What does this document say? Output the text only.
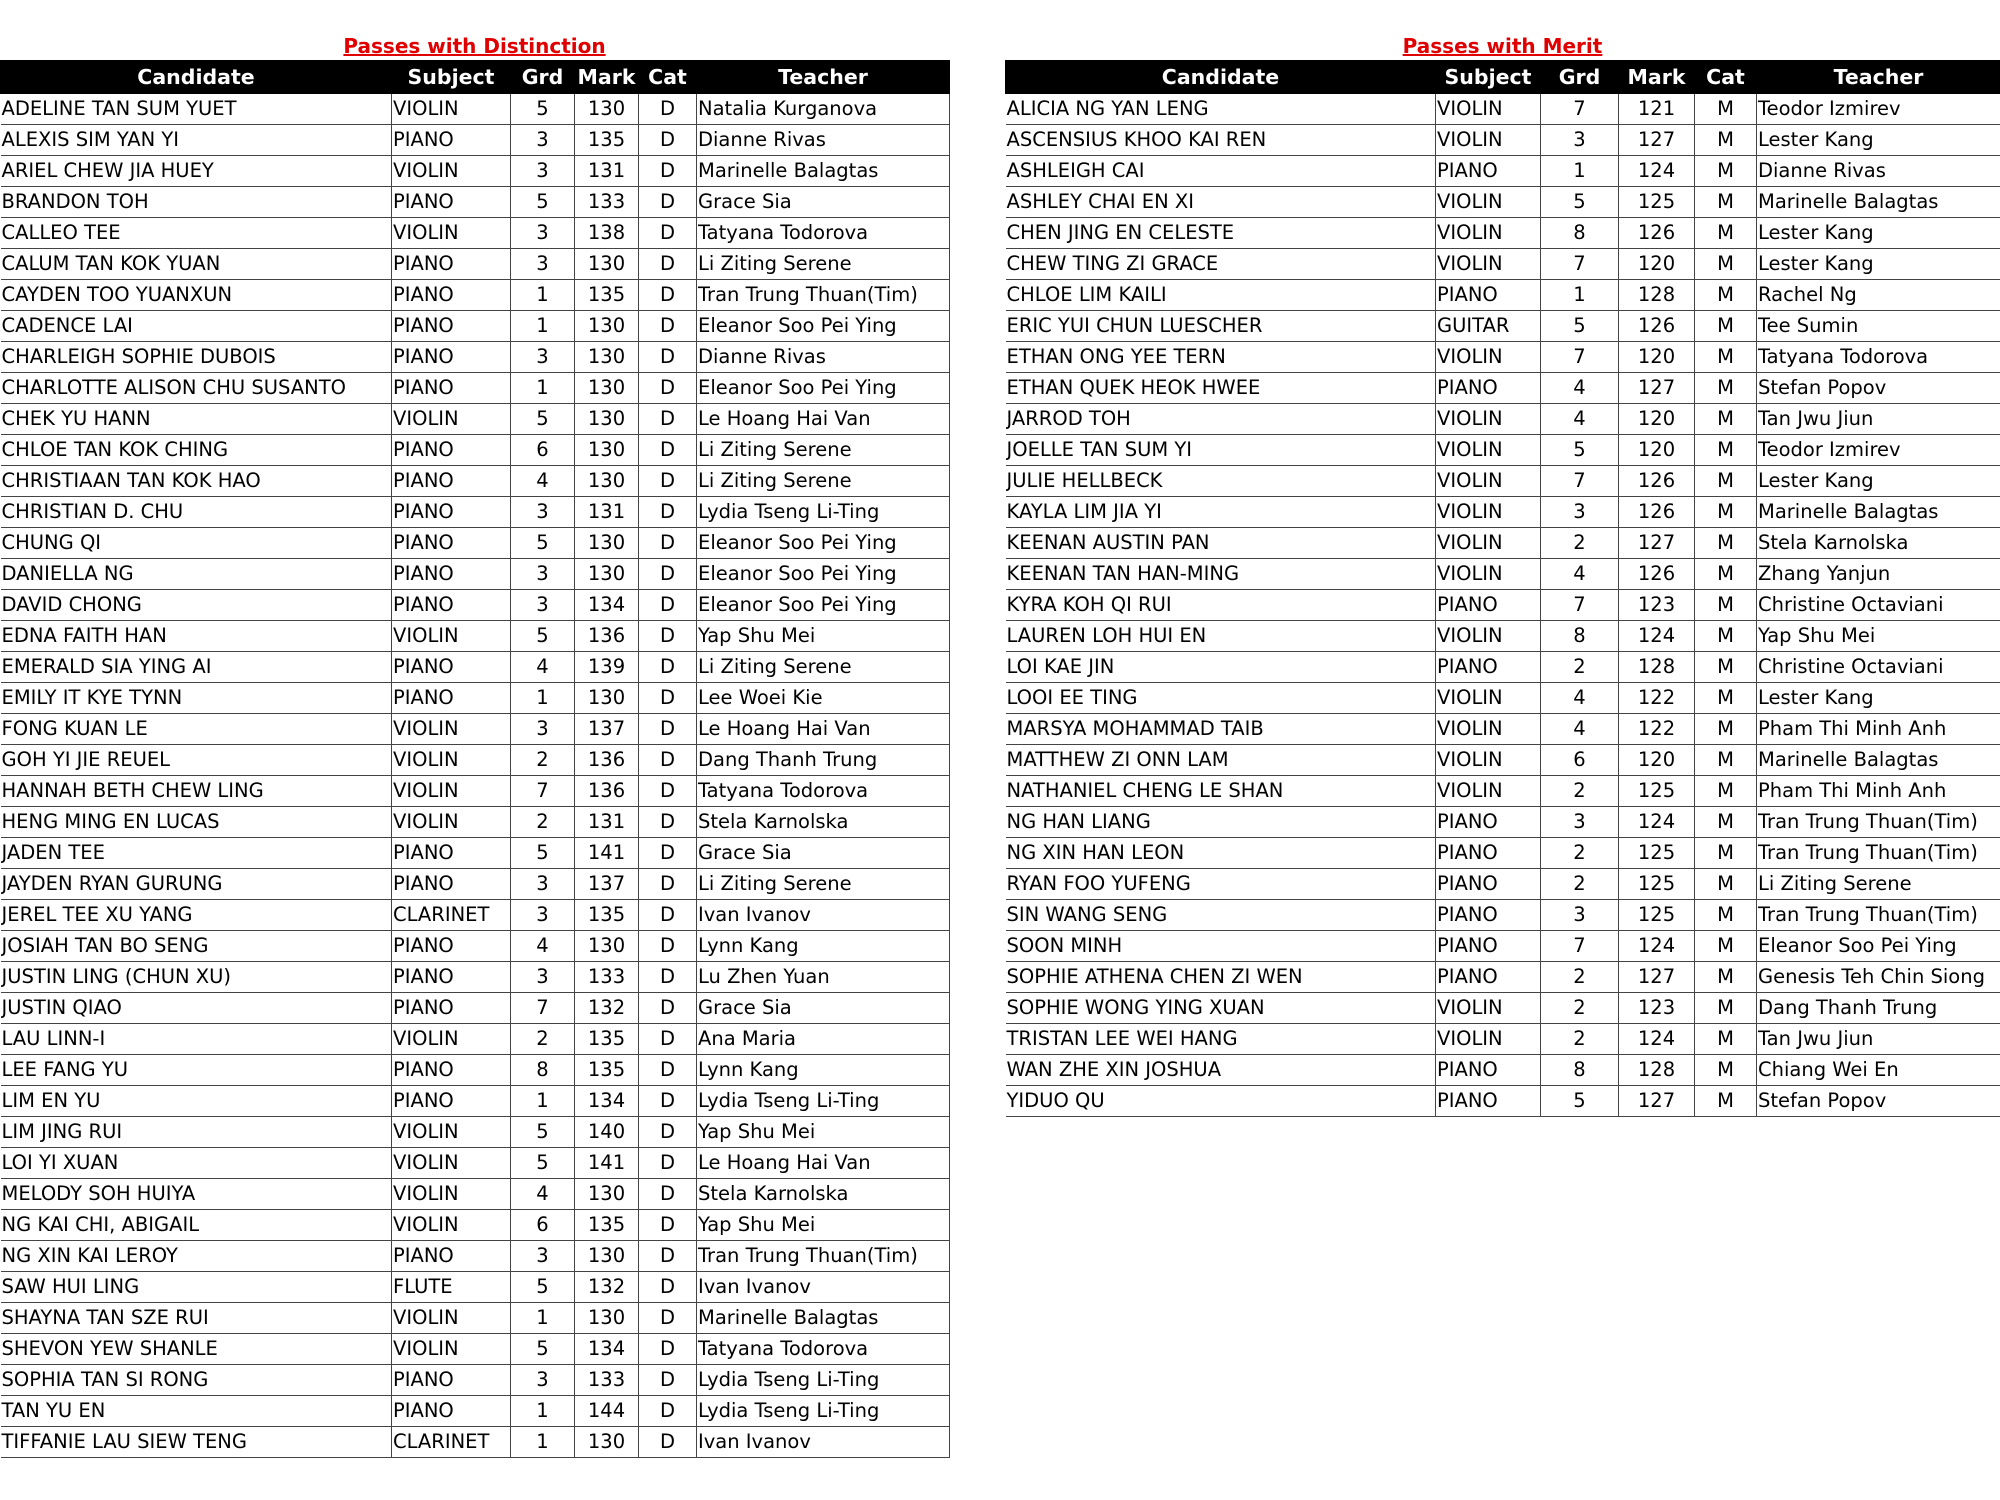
Passes with Distinction
Candidate	Subject	Grd	Mark	Cat	Teacher
ADELINE TAN SUM YUET	VIOLIN	5	130	D	Natalia Kurganova
ALEXIS SIM YAN YI	PIANO	3	135	D	Dianne Rivas
ARIEL CHEW JIA HUEY	VIOLIN	3	131	D	Marinelle Balagtas
BRANDON TOH	PIANO	5	133	D	Grace Sia
CALLEO TEE	VIOLIN	3	138	D	Tatyana Todorova
CALUM TAN KOK YUAN	PIANO	3	130	D	Li Ziting Serene
CAYDEN TOO YUANXUN	PIANO	1	135	D	Tran Trung Thuan(Tim)
CADENCE LAI	PIANO	1	130	D	Eleanor Soo Pei Ying
CHARLEIGH SOPHIE DUBOIS	PIANO	3	130	D	Dianne Rivas
CHARLOTTE ALISON CHU SUSANTO	PIANO	1	130	D	Eleanor Soo Pei Ying
CHEK YU HANN	VIOLIN	5	130	D	Le Hoang Hai Van
CHLOE TAN KOK CHING	PIANO	6	130	D	Li Ziting Serene
CHRISTIAAN TAN KOK HAO	PIANO	4	130	D	Li Ziting Serene
CHRISTIAN D. CHU	PIANO	3	131	D	Lydia Tseng Li-Ting
CHUNG QI	PIANO	5	130	D	Eleanor Soo Pei Ying
DANIELLA NG	PIANO	3	130	D	Eleanor Soo Pei Ying
DAVID CHONG	PIANO	3	134	D	Eleanor Soo Pei Ying
EDNA FAITH HAN	VIOLIN	5	136	D	Yap Shu Mei
EMERALD SIA YING AI	PIANO	4	139	D	Li Ziting Serene
EMILY IT KYE TYNN	PIANO	1	130	D	Lee Woei Kie
FONG KUAN LE	VIOLIN	3	137	D	Le Hoang Hai Van
GOH YI JIE REUEL	VIOLIN	2	136	D	Dang Thanh Trung
HANNAH BETH CHEW LING	VIOLIN	7	136	D	Tatyana Todorova
HENG MING EN LUCAS	VIOLIN	2	131	D	Stela Karnolska
JADEN TEE	PIANO	5	141	D	Grace Sia
JAYDEN RYAN GURUNG	PIANO	3	137	D	Li Ziting Serene
JEREL TEE XU YANG	CLARINET	3	135	D	Ivan Ivanov
JOSIAH TAN BO SENG	PIANO	4	130	D	Lynn Kang
JUSTIN LING (CHUN XU)	PIANO	3	133	D	Lu Zhen Yuan
JUSTIN QIAO	PIANO	7	132	D	Grace Sia
LAU LINN-I	VIOLIN	2	135	D	Ana Maria
LEE FANG YU	PIANO	8	135	D	Lynn Kang
LIM EN YU	PIANO	1	134	D	Lydia Tseng Li-Ting
LIM JING RUI	VIOLIN	5	140	D	Yap Shu Mei
LOI YI XUAN	VIOLIN	5	141	D	Le Hoang Hai Van
MELODY SOH HUIYA	VIOLIN	4	130	D	Stela Karnolska
NG KAI CHI, ABIGAIL	VIOLIN	6	135	D	Yap Shu Mei
NG XIN KAI LEROY	PIANO	3	130	D	Tran Trung Thuan(Tim)
SAW HUI LING	FLUTE	5	132	D	Ivan Ivanov
SHAYNA TAN SZE RUI	VIOLIN	1	130	D	Marinelle Balagtas
SHEVON YEW SHANLE	VIOLIN	5	134	D	Tatyana Todorova
SOPHIA TAN SI RONG	PIANO	3	133	D	Lydia Tseng Li-Ting
TAN YU EN	PIANO	1	144	D	Lydia Tseng Li-Ting
TIFFANIE LAU SIEW TENG	CLARINET	1	130	D	Ivan Ivanov
Passes with Merit
Candidate	Subject	Grd	Mark	Cat	Teacher
ALICIA NG YAN LENG	VIOLIN	7	121	M	Teodor Izmirev
ASCENSIUS KHOO KAI REN	VIOLIN	3	127	M	Lester Kang
ASHLEIGH CAI	PIANO	1	124	M	Dianne Rivas
ASHLEY CHAI EN XI	VIOLIN	5	125	M	Marinelle Balagtas
CHEN JING EN CELESTE	VIOLIN	8	126	M	Lester Kang
CHEW TING ZI GRACE	VIOLIN	7	120	M	Lester Kang
CHLOE LIM KAILI	PIANO	1	128	M	Rachel Ng
ERIC YUI CHUN LUESCHER	GUITAR	5	126	M	Tee Sumin
ETHAN ONG YEE TERN	VIOLIN	7	120	M	Tatyana Todorova
ETHAN QUEK HEOK HWEE	PIANO	4	127	M	Stefan Popov
JARROD TOH	VIOLIN	4	120	M	Tan Jwu Jiun
JOELLE TAN SUM YI	VIOLIN	5	120	M	Teodor Izmirev
JULIE HELLBECK	VIOLIN	7	126	M	Lester Kang
KAYLA LIM JIA YI	VIOLIN	3	126	M	Marinelle Balagtas
KEENAN AUSTIN PAN	VIOLIN	2	127	M	Stela Karnolska
KEENAN TAN HAN-MING	VIOLIN	4	126	M	Zhang Yanjun
KYRA KOH QI RUI	PIANO	7	123	M	Christine Octaviani
LAUREN LOH HUI EN	VIOLIN	8	124	M	Yap Shu Mei
LOI KAE JIN	PIANO	2	128	M	Christine Octaviani
LOOI EE TING	VIOLIN	4	122	M	Lester Kang
MARSYA MOHAMMAD TAIB	VIOLIN	4	122	M	Pham Thi Minh Anh
MATTHEW ZI ONN LAM	VIOLIN	6	120	M	Marinelle Balagtas
NATHANIEL CHENG LE SHAN	VIOLIN	2	125	M	Pham Thi Minh Anh
NG HAN LIANG	PIANO	3	124	M	Tran Trung Thuan(Tim)
NG XIN HAN LEON	PIANO	2	125	M	Tran Trung Thuan(Tim)
RYAN FOO YUFENG	PIANO	2	125	M	Li Ziting Serene
SIN WANG SENG	PIANO	3	125	M	Tran Trung Thuan(Tim)
SOON MINH	PIANO	7	124	M	Eleanor Soo Pei Ying
SOPHIE ATHENA CHEN ZI WEN	PIANO	2	127	M	Genesis Teh Chin Siong
SOPHIE WONG YING XUAN	VIOLIN	2	123	M	Dang Thanh Trung
TRISTAN LEE WEI HANG	VIOLIN	2	124	M	Tan Jwu Jiun
WAN ZHE XIN JOSHUA	PIANO	8	128	M	Chiang Wei En
YIDUO QU	PIANO	5	127	M	Stefan Popov
